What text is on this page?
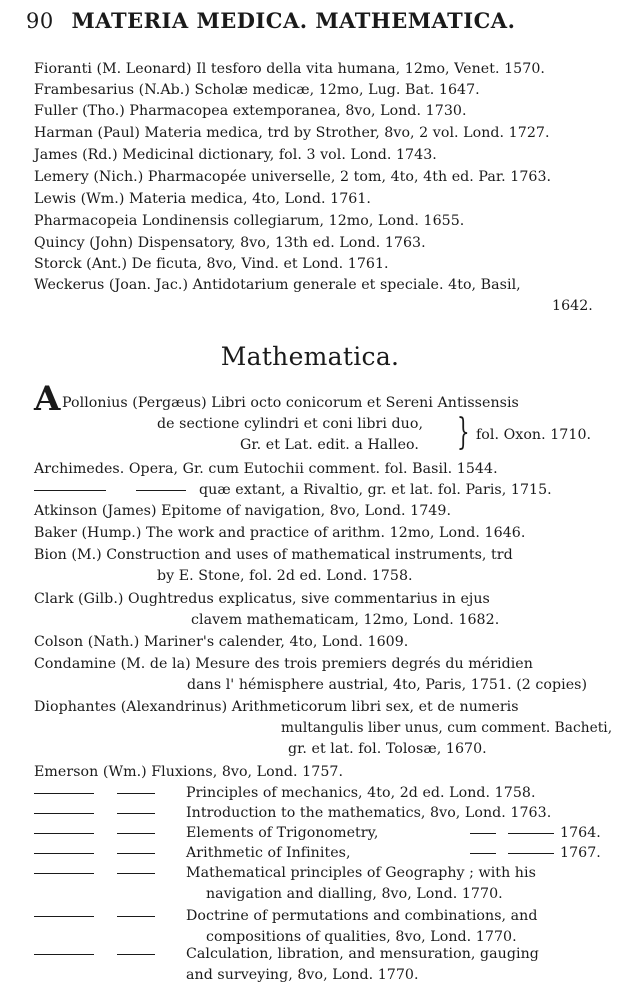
90 MATERIA MEDICA. MATHEMATICA.
Fioranti (M. Leonard) Il tesforo della vita humana, 12mo, Venet. 1570.
Frambesarius (N.Ab.) Scholæ medicæ, 12mo, Lug. Bat. 1647.
Fuller (Tho.) Pharmacopea extemporanea, 8vo, Lond. 1730.
Harman (Paul) Materia medica, trd by Strother, 8vo, 2 vol. Lond. 1727.
James (Rd.) Medicinal dictionary, fol. 3 vol. Lond. 1743.
Lemery (Nich.) Pharmacopée universelle, 2 tom, 4to, 4th ed. Par. 1763.
Lewis (Wm.) Materia medica, 4to, Lond. 1761.
Pharmacopeia Londinensis collegiarum, 12mo, Lond. 1655.
Quincy (John) Dispensatory, 8vo, 13th ed. Lond. 1763.
Storck (Ant.) De ficuta, 8vo, Vind. et Lond. 1761.
Weckerus (Joan. Jac.) Antidotarium generale et speciale. 4to, Basil,
1642.
Mathematica.
A Pollonius (Pergæus) Libri octo conicorum et Sereni Antissensis
de sectione cylindri et coni libri duo,
Gr. et Lat. edit. a Halleo. } fol. Oxon. 1710.
Archimedes. Opera, Gr. cum Eutochii comment. fol. Basil. 1544.
quæ extant, a Rivaltio, gr. et lat. fol. Paris, 1715.
Atkinson (James) Epitome of navigation, 8vo, Lond. 1749.
Baker (Hump.) The work and practice of arithm. 12mo, Lond. 1646.
Bion (M.) Construction and uses of mathematical instruments, trd
by E. Stone, fol. 2d ed. Lond. 1758.
Clark (Gilb.) Oughtredus explicatus, sive commentarius in ejus
clavem mathematicam, 12mo, Lond. 1682.
Colson (Nath.) Mariner's calender, 4to, Lond. 1609.
Condamine (M. de la) Mesure des trois premiers degrés du méridien
dans l' hémisphere austrial, 4to, Paris, 1751. (2 copies)
Diophantes (Alexandrinus) Arithmeticorum libri sex, et de numeris
multangulis liber unus, cum comment. Bacheti,
gr. et lat. fol. Tolosæ, 1670.
Emerson (Wm.) Fluxions, 8vo, Lond. 1757.
Principles of mechanics, 4to, 2d ed. Lond. 1758.
Introduction to the mathematics, 8vo, Lond. 1763.
Elements of Trigonometry,	1764.
Arithmetic of Infinites,	1767.
Mathematical principles of Geography ; with his
navigation and dialling, 8vo, Lond. 1770.
Doctrine of permutations and combinations, and
compositions of qualities, 8vo, Lond. 1770.
Calculation, libration, and mensuration, gauging
and surveying, 8vo, Lond. 1770.
